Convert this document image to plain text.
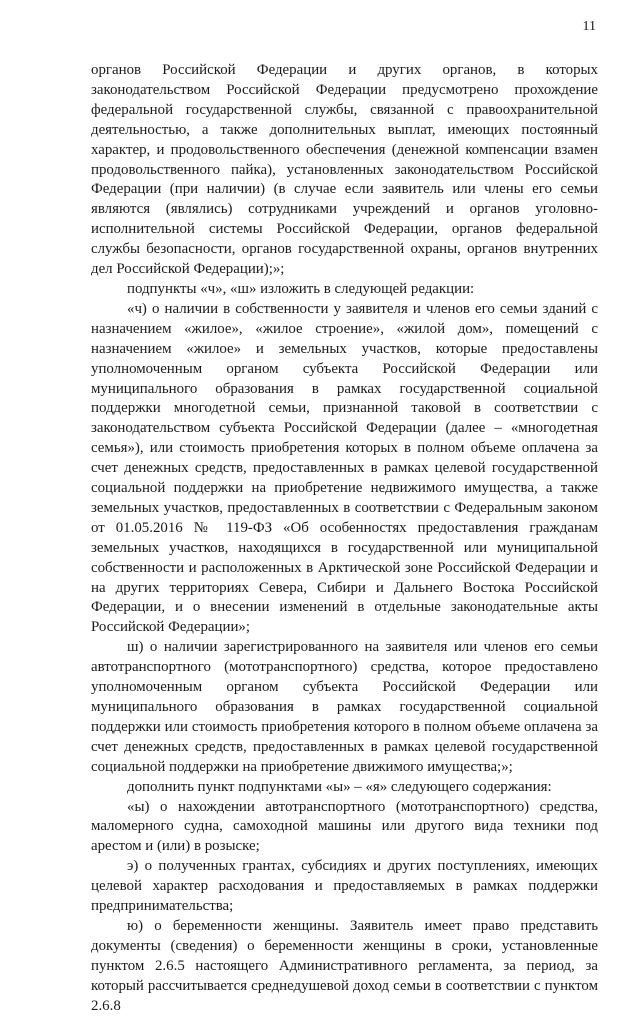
11

органов Российской Федерации и других органов, в которых законодательством Российской Федерации предусмотрено прохождение федеральной государственной службы, связанной с правоохранительной деятельностью, а также дополнительных выплат, имеющих постоянный характер, и продовольственного обеспечения (денежной компенсации взамен продовольственного пайка), установленных законодательством Российской Федерации (при наличии) (в случае если заявитель или члены его семьи являются (являлись) сотрудниками учреждений и органов уголовно-исполнительной системы Российской Федерации, органов федеральной службы безопасности, органов государственной охраны, органов внутренних дел Российской Федерации);»;

подпункты «ч», «ш» изложить в следующей редакции:

«ч) о наличии в собственности у заявителя и членов его семьи зданий с назначением «жилое», «жилое строение», «жилой дом», помещений с назначением «жилое» и земельных участков, которые предоставлены уполномоченным органом субъекта Российской Федерации или муниципального образования в рамках государственной социальной поддержки многодетной семьи, признанной таковой в соответствии с законодательством субъекта Российской Федерации (далее – «многодетная семья»), или стоимость приобретения которых в полном объеме оплачена за счет денежных средств, предоставленных в рамках целевой государственной социальной поддержки на приобретение недвижимого имущества, а также земельных участков, предоставленных в соответствии с Федеральным законом от 01.05.2016 № 119-ФЗ «Об особенностях предоставления гражданам земельных участков, находящихся в государственной или муниципальной собственности и расположенных в Арктической зоне Российской Федерации и на других территориях Севера, Сибири и Дальнего Востока Российской Федерации, и о внесении изменений в отдельные законодательные акты Российской Федерации»;

ш) о наличии зарегистрированного на заявителя или членов его семьи автотранспортного (мототранспортного) средства, которое предоставлено уполномоченным органом субъекта Российской Федерации или муниципального образования в рамках государственной социальной поддержки или стоимость приобретения которого в полном объеме оплачена за счет денежных средств, предоставленных в рамках целевой государственной социальной поддержки на приобретение движимого имущества;»;

дополнить пункт подпунктами «ы» – «я» следующего содержания:

«ы) о нахождении автотранспортного (мототранспортного) средства, маломерного судна, самоходной машины или другого вида техники под арестом и (или) в розыске;

э) о полученных грантах, субсидиях и других поступлениях, имеющих целевой характер расходования и предоставляемых в рамках поддержки предпринимательства;

ю) о беременности женщины. Заявитель имеет право представить документы (сведения) о беременности женщины в сроки, установленные пунктом 2.6.5 настоящего Административного регламента, за период, за который рассчитывается среднедушевой доход семьи в соответствии с пунктом 2.6.8
